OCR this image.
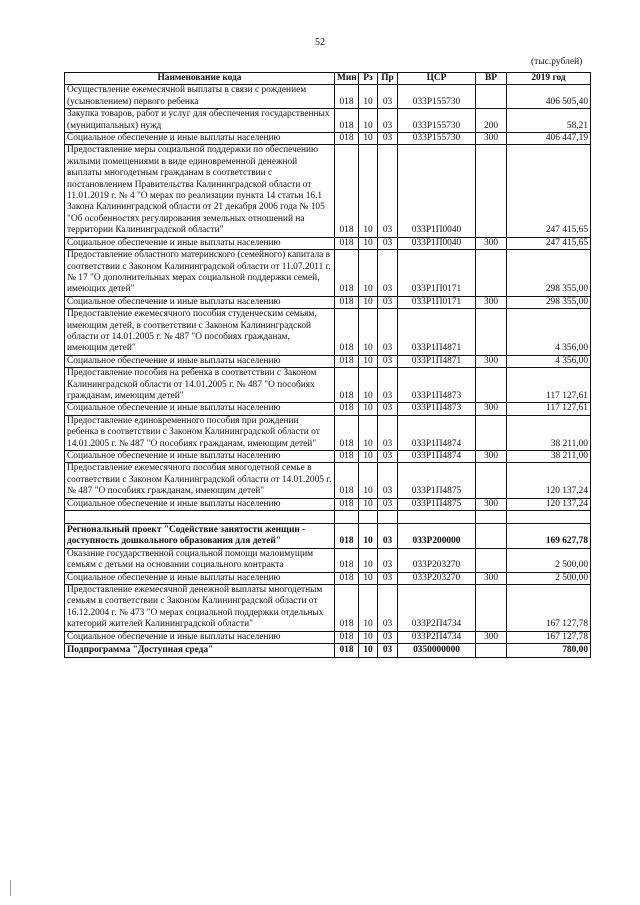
52
(тыс.рублей)
Наименование кода	Мин	Рз	Пр	ЦСР	ВР	2019 год
Осуществление ежемесячной выплаты в связи с рождением (усыновлением) первого ребенка	018	10	03	033Р155730		406 505,40
Закупка товаров, работ и услуг для обеспечения государственных (муниципальных) нужд	018	10	03	033Р155730	200	58,21
Социальное обеспечение и иные выплаты населению	018	10	03	033Р155730	300	406 447,19
Предоставление меры социальной поддержки по обеспечению жилыми помещениями в виде единовременной денежной выплаты многодетным гражданам в соответствии с постановлением Правительства Калининградской области от 11.01.2019 г. № 4 "О мерах по реализации пункта 14 статьи 16.1 Закона Калининградской области от 21 декабря 2006 года № 105 "Об особенностях регулирования земельных отношений на территории Калининградской области"	018	10	03	033Р1П0040		247 415,65
Социальное обеспечение и иные выплаты населению	018	10	03	033Р1П0040	300	247 415,65
Предоставление областного материнского (семейного) капитала в соответствии с Законом Калининградской области от 11.07.2011 г. № 17 "О дополнительных мерах социальной поддержки семей, имеющих детей"	018	10	03	033Р1П0171		298 355,00
Социальное обеспечение и иные выплаты населению	018	10	03	033Р1П0171	300	298 355,00
Предоставление ежемесячного пособия студенческим семьям, имеющим детей, в соответствии с Законом Калининградской области от 14.01.2005 г. № 487 "О пособиях гражданам, имеющим детей"	018	10	03	033Р1П4871		4 356,00
Социальное обеспечение и иные выплаты населению	018	10	03	033Р1П4871	300	4 356,00
Предоставление пособия на ребенка в соответствии с Законом Калининградской области от 14.01.2005 г. № 487 "О пособиях гражданам, имеющим детей"	018	10	03	033Р1П4873		117 127,61
Социальное обеспечение и иные выплаты населению	018	10	03	033Р1П4873	300	117 127,61
Предоставление единовременного пособия при рождении ребенка в соответствии с Законом Калининградской области от 14.01.2005 г. № 487 "О пособиях гражданам, имеющим детей"	018	10	03	033Р1П4874		38 211,00
Социальное обеспечение и иные выплаты населению	018	10	03	033Р1П4874	300	38 211,00
Предоставление ежемесячного пособия многодетной семье в соответствии с Законом Калининградской области от 14.01.2005 г. № 487 "О пособиях гражданам, имеющим детей"	018	10	03	033Р1П4875		120 137,24
Социальное обеспечение и иные выплаты населению	018	10	03	033Р1П4875	300	120 137,24

Региональный проект "Содействие занятости женщин - доступность дошкольного образования для детей"	018	10	03	033Р200000		169 627,78
Оказание государственной социальной помощи малоимущим семьям с детьми на основании социального контракта	018	10	03	033Р203270		2 500,00
Социальное обеспечение и иные выплаты населению	018	10	03	033Р203270	300	2 500,00
Предоставление ежемесячной денежной выплаты многодетным семьям в соответствии с Законом Калининградской области от 16.12.2004 г. № 473 "О мерах социальной поддержки отдельных категорий жителей Калининградской области"	018	10	03	033Р2П4734		167 127,78
Социальное обеспечение и иные выплаты населению	018	10	03	033Р2П4734	300	167 127,78
Подпрограмма "Доступная среда"	018	10	03	0350000000		780,00
